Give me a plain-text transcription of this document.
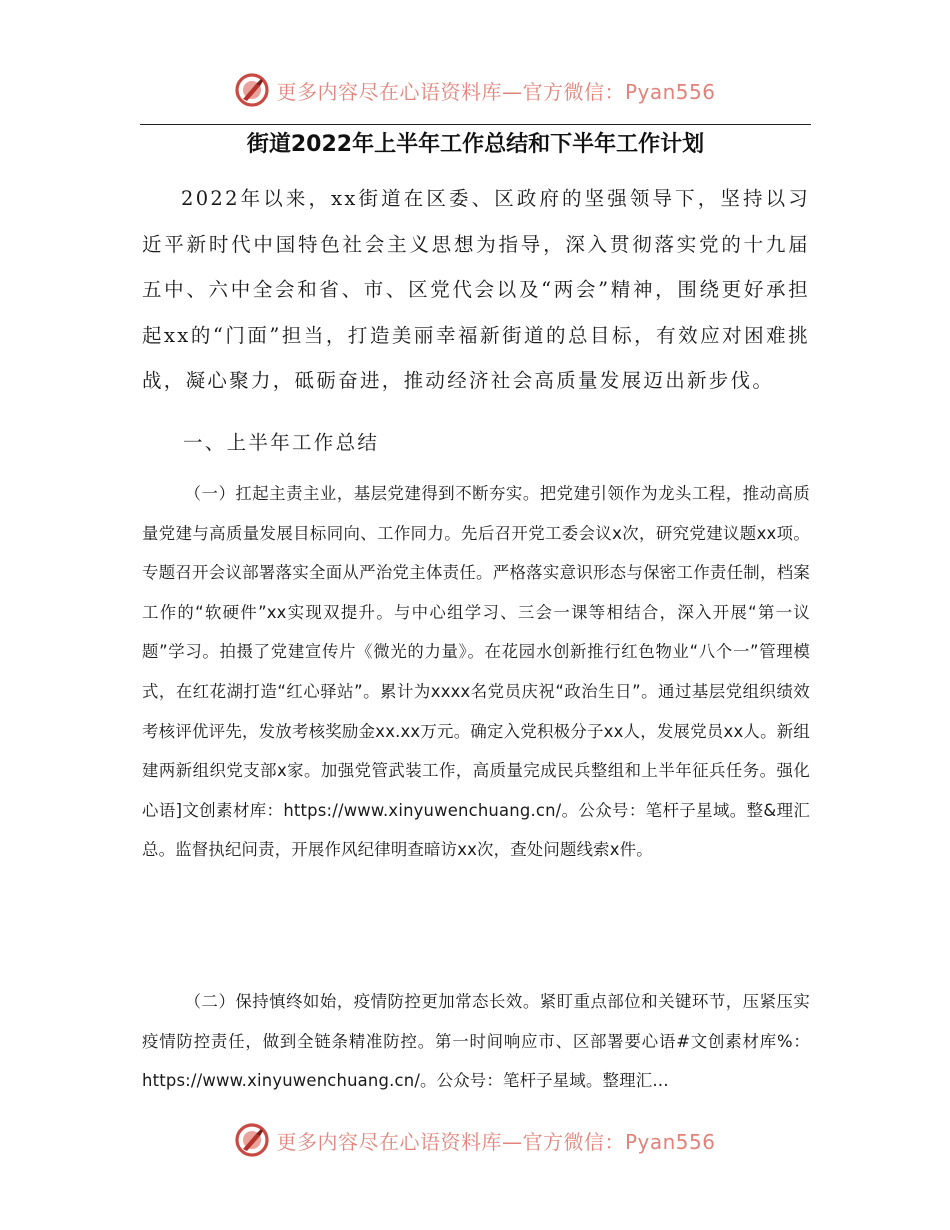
更多内容尽在心语资料库—官方微信：Pyan556
街道2022年上半年工作总结和下半年工作计划

2022年以来，xx街道在区委、区政府的坚强领导下，坚持以习近平新时代中国特色社会主义思想为指导，深入贯彻落实党的十九届五中、六中全会和省、市、区党代会以及“两会”精神，围绕更好承担起xx的“门面”担当，打造美丽幸福新街道的总目标，有效应对困难挑战，凝心聚力，砥砺奋进，推动经济社会高质量发展迈出新步伐。

一、上半年工作总结

（一）扛起主责主业，基层党建得到不断夯实。把党建引领作为龙头工程，推动高质量党建与高质量发展目标同向、工作同力。先后召开党工委会议x次，研究党建议题xx项。专题召开会议部署落实全面从严治党主体责任。严格落实意识形态与保密工作责任制，档案工作的“软硬件”xx实现双提升。与中心组学习、三会一课等相结合，深入开展“第一议题”学习。拍摄了党建宣传片《微光的力量》。在花园水创新推行红色物业“八个一”管理模式，在红花湖打造“红心驿站”。累计为xxxx名党员庆祝“政治生日”。通过基层党组织绩效考核评优评先，发放考核奖励金xx.xx万元。确定入党积极分子xx人，发展党员xx人。新组建两新组织党支部x家。加强党管武装工作，高质量完成民兵整组和上半年征兵任务。强化心语]文创素材库：https://www.xinyuwenchuang.cn/。公众号：笔杆子星域。整&理汇总。监督执纪问责，开展作风纪律明查暗访xx次，查处问题线索x件。

（二）保持慎终如始，疫情防控更加常态长效。紧盯重点部位和关键环节，压紧压实疫情防控责任，做到全链条精准防控。第一时间响应市、区部署要心语#文创素材库%：https://www.xinyuwenchuang.cn/。公众号：笔杆子星域。整理汇…

更多内容尽在心语资料库—官方微信：Pyan556
